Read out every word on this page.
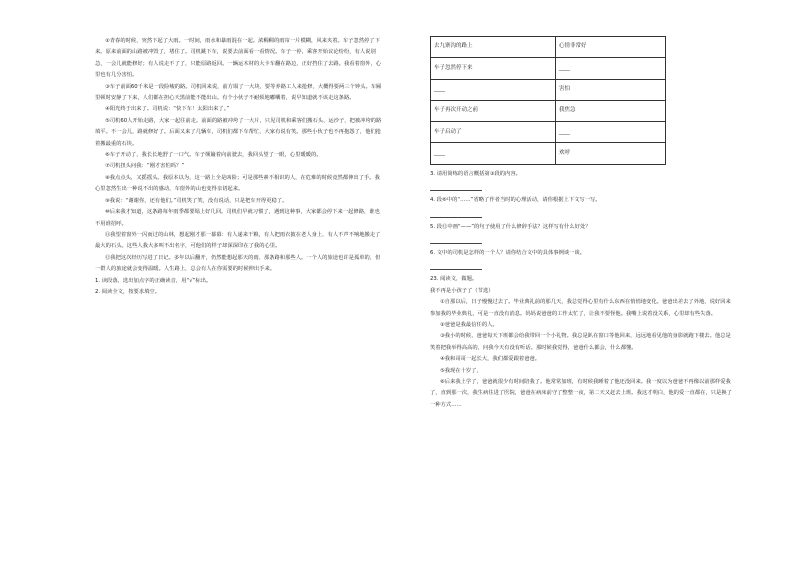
②青春的时候，突然下起了大雨。一时间，雨水和暴雨混在一起。浓稠稠的雨帘一片模糊，风来夹着。车子忽然停了下来。原来前面的山路被冲毁了，堵住了。司机跳下车，说要去前面看一看情况。车子一停，乘客开始议论纷纷，有人说别急，一会儿就能修好；有人说走不了了，只能原路返回。一辆运木材的大卡车翻在路边，正好挡住了去路。我看着窗外，心里也有几分害怕。

③车子前面60千米是一段险峻的路。司机回来说，前方塌了一大块，要等养路工人来抢修，大概得要两三个钟头。车厢里顿时安静了下来，人们都在担心天黑前能不能出山。有个小伙子不耐烦地嘟囔着，说早知道就不该走这条路。

④阳光终于出来了。司机说：“快下车！太阳出来了。”

⑤司机60人开始走路，大家一起往前走。前面的路被冲垮了一大片，只见司机和乘客们搬石头、运沙子，把被冲垮的路填平。不一会儿，路就修好了。后面又来了几辆车，司机们都下车帮忙，大家有说有笑。那些小伙子也不再抱怨了，他们抢着搬最重的石块。

⑥车子开动了，我长长地舒了一口气。车子颠簸着向前驶去，我回头望了一眼，心里暖暖的。

⑦司机扭头问我：“刚才害怕吗？”

⑧我点点头，又摇摇头。我原本以为，这一路上全是凶险；可是那些素不相识的人，在危难的时候竟然都伸出了手。我心里忽然生出一种说不出的感动，车窗外的山也变得亲切起来。

⑨我说：“谢谢你，还有他们。”司机笑了笑，没有说话，只是把车开得更稳了。

⑩后来我才知道，这条路每年雨季都要塌上好几回。司机们早就习惯了，遇到这种事，大家都会停下来一起修路，谁也不用谁招呼。

⑪我望着窗外一闪而过的山林，想起刚才那一幕幕：有人递来干粮，有人把雨衣披在老人身上，有人不声不响地搬走了最大的石头。这些人我大多叫不出名字，可他们的样子却深深印在了我的心里。

⑫我把这次经历写进了日记。多年以后翻开，仍然能想起那天的雨、那条路和那些人。一个人的旅途也许是孤单的，但一群人的旅途就会变得温暖。人生路上，总会有人在你需要的时候伸出手来。

1. 读段落，选出加点字的正确读音，用“√”标出。

2. 阅读全文，按要求填空。

去九寨沟的路上	心情非常好
车子忽然停下来	____
____	害怕
车子再次开动之前	我焦急
车子启动了	____
____	欢呼

3. 请用简练的语言概括第③段的内容。

4. 段⑥中的“……”省略了作者当时的心理活动，请你根据上下文写一写。

5. 段⑫中画“——”的句子使用了什么修辞手法？这样写有什么好处？

6. 文中的司机是怎样的一个人？请你结合文中的具体事例谈一谈。

23. 阅读文，做题。

我不再是小孩子了（节选）

①自那以后，日子慢慢过去了。毕业典礼前的那几天，我总觉得心里有什么东西在悄悄地变化。爸爸出差去了外地，说好回来参加我的毕业典礼，可是一直没有消息。妈妈说爸爸的工作太忙了，让我不要怪他。我嘴上说着没关系，心里却有些失落。

②爸爸是我最信任的人。

③我小的时候，爸爸每天下班都会给我带回一个小礼物。我总是趴在窗口等他回来，远远地看见他的身影就跑下楼去。他总是笑着把我举得高高的，问我今天有没有听话。那时候我觉得，爸爸什么都会，什么都懂。

④我和哥哥一起长大，我们都爱跟着爸爸。

⑤我现在十岁了，

⑥后来我上学了，爸爸就很少有时间陪我了。他常常加班，有时候我睡着了他还没回来。我一度以为爸爸不再像以前那样爱我了，直到那一次，我生病住进了医院，爸爸在病床前守了整整一夜，第二天又赶去上班。我这才明白，他的爱一直都在，只是换了一种方式……
